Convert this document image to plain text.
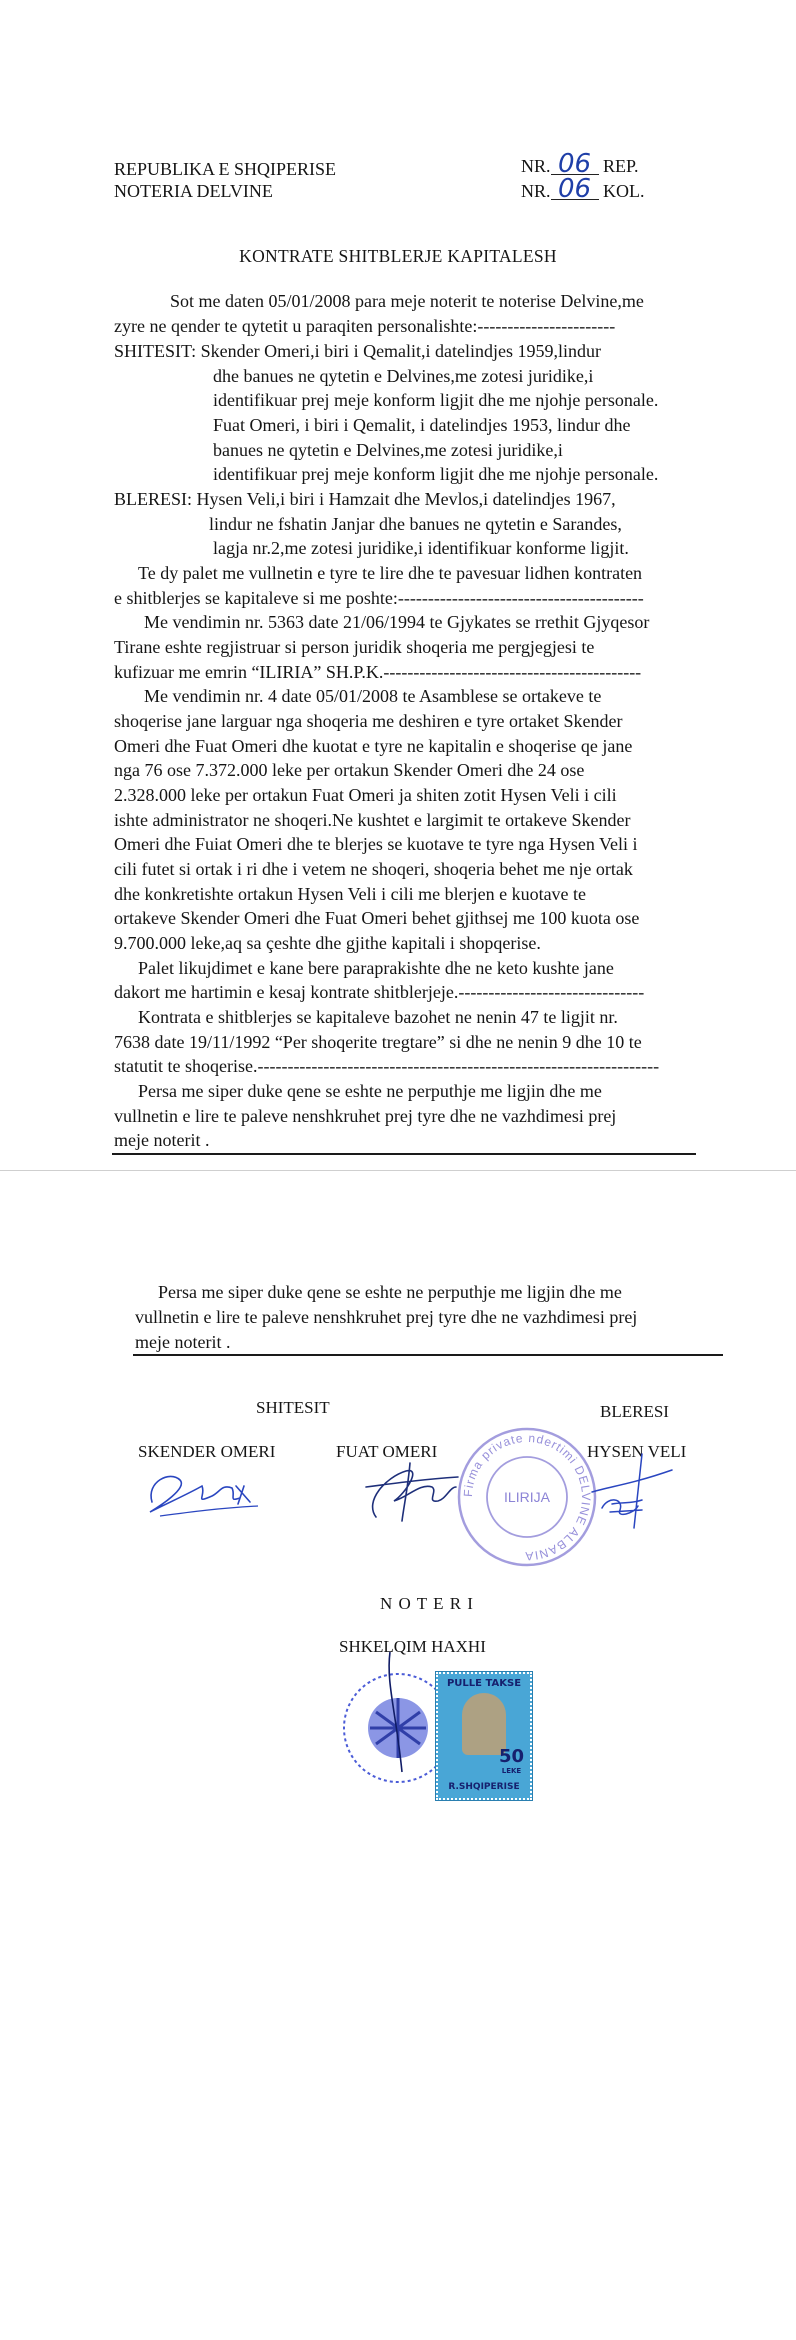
REPUBLIKA E SHQIPERISE
NOTERIA DELVINE
NR. 06 REP.
NR. 06 KOL.
KONTRATE SHITBLERJE KAPITALESH
Sot me daten 05/01/2008 para meje noterit te noterise Delvine,me
zyre ne qender te qytetit u paraqiten personalishte:-----------------------
SHITESIT: Skender Omeri,i biri i Qemalit,i datelindjes 1959,lindur
dhe banues ne qytetin e Delvines,me zotesi juridike,i
identifikuar prej meje konform ligjit dhe me njohje personale.
Fuat Omeri, i biri i Qemalit, i datelindjes 1953, lindur dhe
banues ne qytetin e Delvines,me zotesi juridike,i
identifikuar prej meje konform ligjit dhe me njohje personale.
BLERESI: Hysen Veli,i biri i Hamzait dhe Mevlos,i datelindjes 1967,
lindur ne fshatin Janjar dhe banues ne qytetin e Sarandes,
lagja nr.2,me zotesi juridike,i identifikuar konforme ligjit.
Te dy palet me vullnetin e tyre te lire dhe te pavesuar lidhen kontraten
e shitblerjes se kapitaleve si me poshte:-----------------------------------------
Me vendimin nr. 5363 date 21/06/1994 te Gjykates se rrethit Gjyqesor
Tirane eshte regjistruar si person juridik shoqeria me pergjegjesi te
kufizuar me emrin “ILIRIA” SH.P.K.-------------------------------------------
Me vendimin nr. 4 date 05/01/2008 te Asamblese se ortakeve te
shoqerise jane larguar nga shoqeria me deshiren e tyre ortaket Skender
Omeri dhe Fuat Omeri dhe kuotat e tyre ne kapitalin e shoqerise qe jane
nga 76 ose 7.372.000 leke per ortakun Skender Omeri dhe 24 ose
2.328.000 leke per ortakun Fuat Omeri ja shiten zotit Hysen Veli i cili
ishte administrator ne shoqeri.Ne kushtet e largimit te ortakeve Skender
Omeri dhe Fuiat Omeri dhe te blerjes se kuotave te tyre nga Hysen Veli i
cili futet si ortak i ri dhe i vetem ne shoqeri, shoqeria behet me nje ortak
dhe konkretishte ortakun Hysen Veli i cili me blerjen e kuotave te
ortakeve Skender Omeri dhe Fuat Omeri behet gjithsej me 100 kuota ose
9.700.000 leke,aq sa çeshte dhe gjithe kapitali i shopqerise.
Palet likujdimet e kane bere paraprakishte dhe ne keto kushte jane
dakort me hartimin e kesaj kontrate shitblerjeje.-------------------------------
Kontrata e shitblerjes se kapitaleve bazohet ne nenin 47 te ligjit nr.
7638 date 19/11/1992 “Per shoqerite tregtare” si dhe ne nenin 9 dhe 10 te
statutit te shoqerise.-------------------------------------------------------------------
Persa me siper duke qene se eshte ne perputhje me ligjin dhe me
vullnetin e lire te paleve nenshkruhet prej tyre dhe ne vazhdimesi prej
meje noterit .
Persa me siper duke qene se eshte ne perputhje me ligjin dhe me
vullnetin e lire te paleve nenshkruhet prej tyre dhe ne vazhdimesi prej
meje noterit .
SHITESIT	BLERESI
SKENDER OMERI	FUAT OMERI	HYSEN VELI
Firma private ndertimi DELVINE ALBANIA
ILIRIJA
N O T E R I
SHKELQIM HAXHI
PULLE TAKSE
50
LEKE
R.SHQIPERISE
